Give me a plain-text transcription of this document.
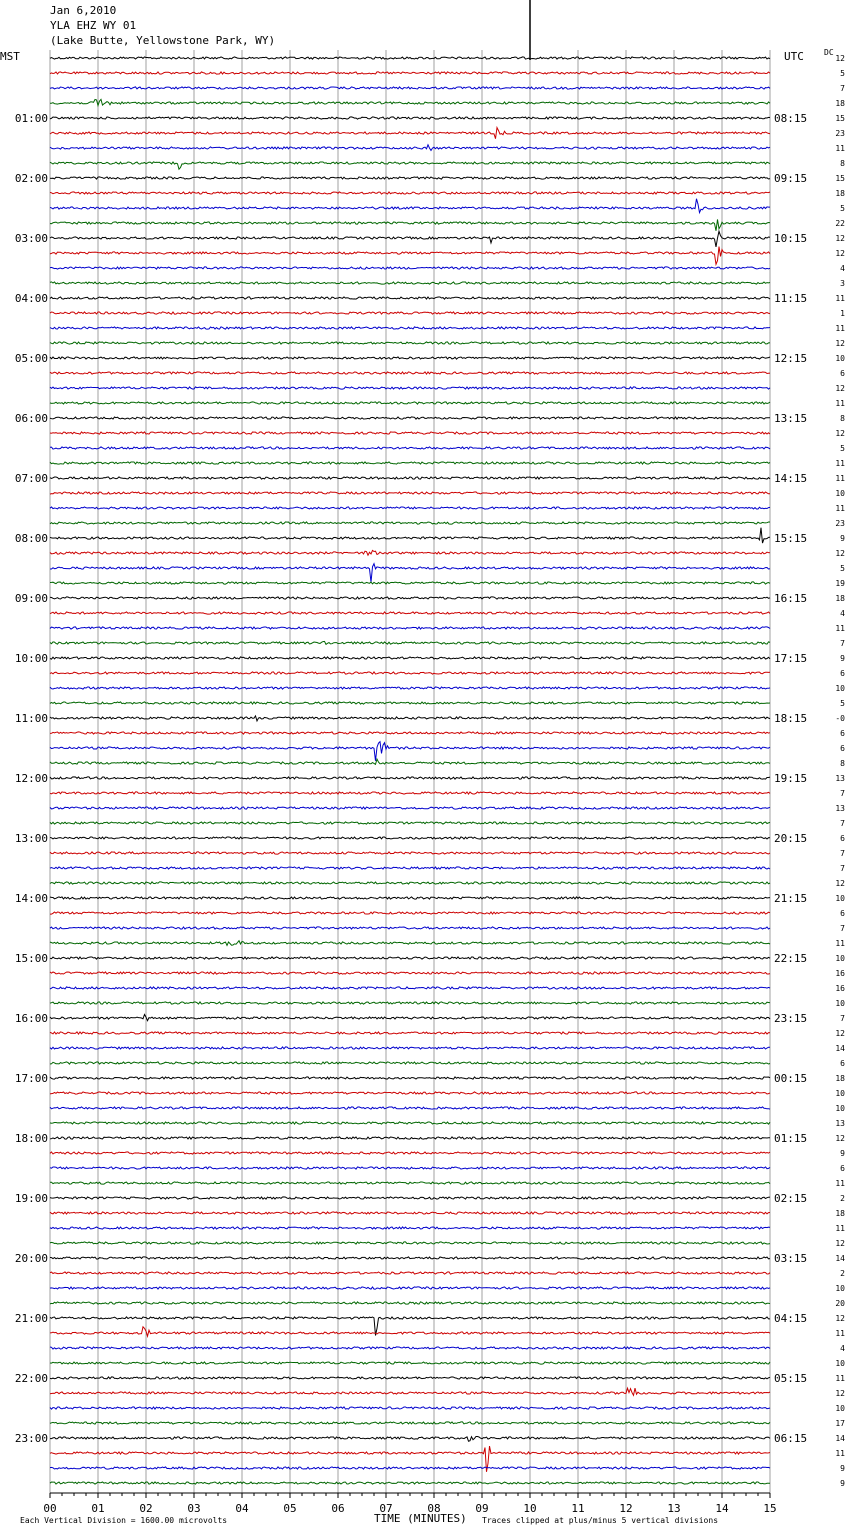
Jan 6,2010
YLA EHZ WY 01
(Lake Butte, Yellowstone Park, WY)
MST	UTC
01:00
02:00
03:00
04:00
05:00
06:00
07:00
08:00
09:00
10:00
11:00
12:00
13:00
14:00
15:00
16:00
17:00
18:00
19:00
20:00
21:00
22:00
23:00
08:15
09:15
10:15
11:15
12:15
13:15
14:15
15:15
16:15
17:15
18:15
19:15
20:15
21:15
22:15
23:15
00:15
01:15
02:15
03:15
04:15
05:15
06:15
DC
12
5
7
18
15
23
11
8
15
18
5
22
12
12
4
3
11
1
11
12
10
6
12
11
8
12
5
11
11
10
11
23
9
12
5
19
18
4
11
7
9
6
10
5
-0
6
6
8
13
7
13
7
6
7
7
12
10
6
7
11
10
16
16
10
7
12
14
6
18
10
10
13
12
9
6
11
2
18
11
12
14
2
10
20
12
11
4
10
11
12
10
17
14
11
9
9
00	01	02	03	04	05	06	07	08	09	10	11	12	13	14	15
Each Vertical Division = 1600.00 microvolts	TIME (MINUTES) Traces clipped at plus/minus 5 vertical divisions
